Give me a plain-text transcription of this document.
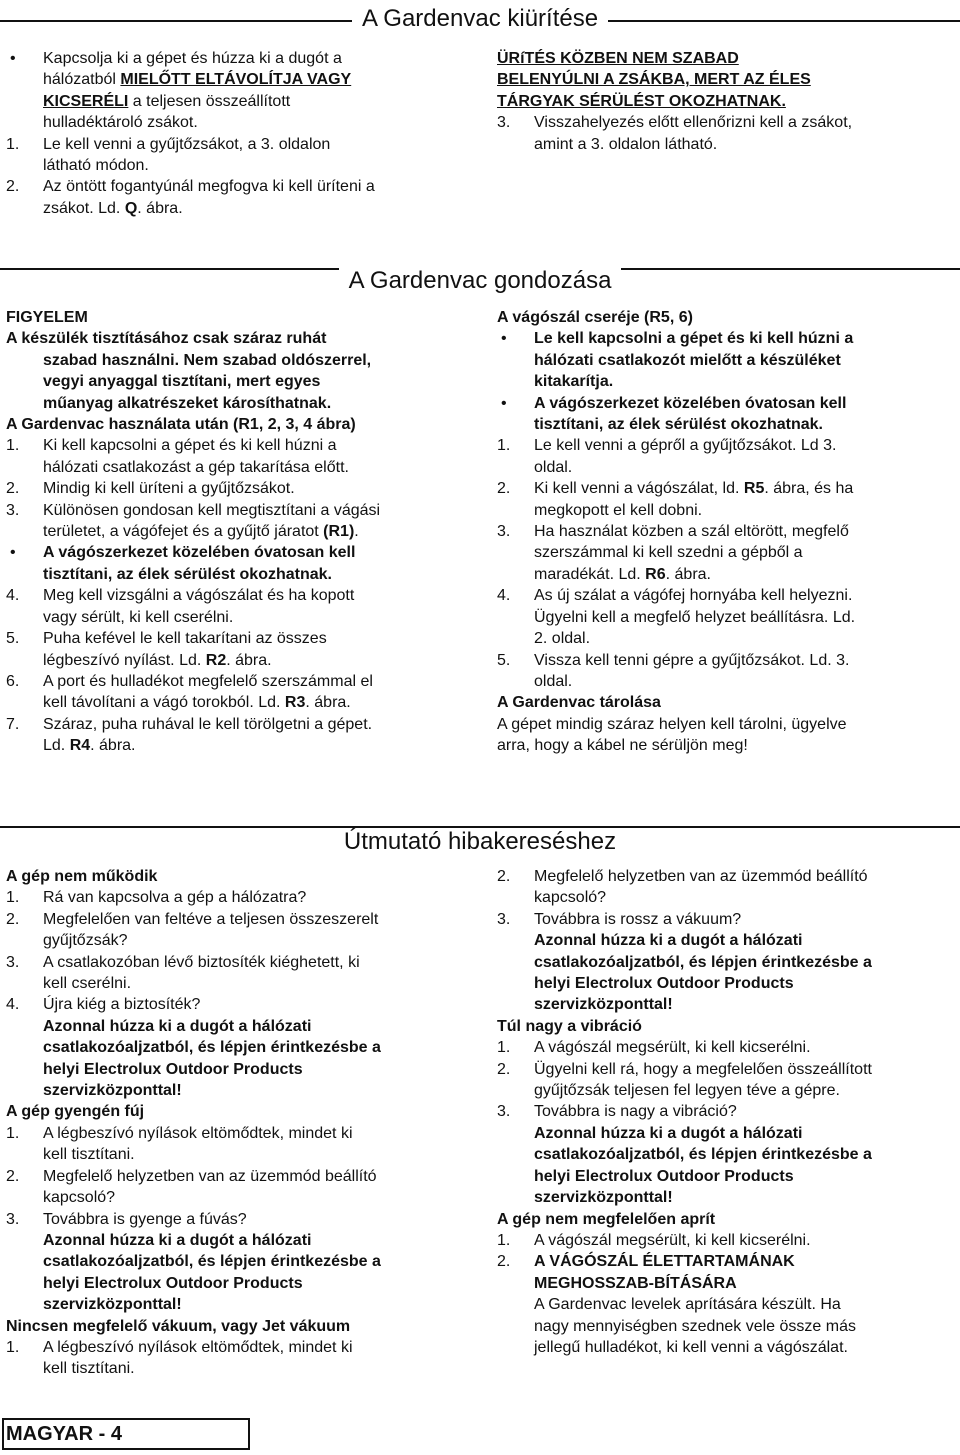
A Gardenvac kiürítése
• Kapcsolja ki a gépet és húzza ki a dugót a
hálózatból MIELŐTT ELTÁVOLÍTJA VAGY
KICSERÉLI a teljesen összeállított
hulladéktároló zsákot.
1. Le kell venni a gyűjtőzsákot, a 3. oldalon
látható módon.
2. Az öntött fogantyúnál megfogva ki kell üríteni a
zsákot. Ld. Q. ábra.
ÜRíTÉS KÖZBEN NEM SZABAD
BELENYÚLNI A ZSÁKBA, MERT AZ ÉLES
TÁRGYAK SÉRÜLÉST OKOZHATNAK.
3. Visszahelyezés előtt ellenőrizni kell a zsákot,
amint a 3. oldalon látható.
A Gardenvac gondozása
FIGYELEM
A készülék tisztításához csak száraz ruhát
szabad használni. Nem szabad oldószerrel,
vegyi anyaggal tisztítani, mert egyes
műanyag alkatrészeket károsíthatnak.
A Gardenvac használata után (R1, 2, 3, 4 ábra)
1. Ki kell kapcsolni a gépet és ki kell húzni a
hálózati csatlakozást a gép takarítása előtt.
2. Mindig ki kell üríteni a gyűjtőzsákot.
3. Különösen gondosan kell megtisztítani a vágási
területet, a vágófejet és a gyűjtő járatot (R1).
• A vágószerkezet közelében óvatosan kell
tisztítani, az élek sérülést okozhatnak.
4. Meg kell vizsgálni a vágószálat és ha kopott
vagy sérült, ki kell cserélni.
5. Puha kefével le kell takarítani az összes
légbeszívó nyílást. Ld. R2. ábra.
6. A port és hulladékot megfelelő szerszámmal el
kell távolítani a vágó torokból. Ld. R3. ábra.
7. Száraz, puha ruhával le kell törölgetni a gépet.
Ld. R4. ábra.
A vágószál cseréje (R5, 6)
• Le kell kapcsolni a gépet és ki kell húzni a
hálózati csatlakozót mielőtt a készüléket
kitakarítja.
• A vágószerkezet közelében óvatosan kell
tisztítani, az élek sérülést okozhatnak.
1. Le kell venni a gépről a gyűjtőzsákot. Ld 3.
oldal.
2. Ki kell venni a vágószálat, ld. R5. ábra, és ha
megkopott el kell dobni.
3. Ha használat közben a szál eltörött, megfelő
szerszámmal ki kell szedni a gépből a
maradékát. Ld. R6. ábra.
4. As új szálat a vágófej hornyába kell helyezni.
Ügyelni kell a megfelő helyzet beállításra. Ld.
2. oldal.
5. Vissza kell tenni gépre a gyűjtőzsákot. Ld. 3.
oldal.
A Gardenvac tárolása
A gépet mindig száraz helyen kell tárolni, ügyelve
arra, hogy a kábel ne sérüljön meg!
Útmutató hibakereséshez
A gép nem működik
1. Rá van kapcsolva a gép a hálózatra?
2. Megfelelően van feltéve a teljesen összeszerelt
gyűjtőzsák?
3. A csatlakozóban lévő biztosíték kiéghetett, ki
kell cserélni.
4. Újra kiég a biztosíték?
Azonnal húzza ki a dugót a hálózati
csatlakozóaljzatból, és lépjen érintkezésbe a
helyi Electrolux Outdoor Products
szervizközponttal!
A gép gyengén fúj
1. A légbeszívó nyílások eltömődtek, mindet ki
kell tisztítani.
2. Megfelelő helyzetben van az üzemmód beállító
kapcsoló?
3. Továbbra is gyenge a fúvás?
Azonnal húzza ki a dugót a hálózati
csatlakozóaljzatból, és lépjen érintkezésbe a
helyi Electrolux Outdoor Products
szervizközponttal!
Nincsen megfelelő vákuum, vagy Jet vákuum
1. A légbeszívó nyílások eltömődtek, mindet ki
kell tisztítani.
2. Megfelelő helyzetben van az üzemmód beállító
kapcsoló?
3. Továbbra is rossz a vákuum?
Azonnal húzza ki a dugót a hálózati
csatlakozóaljzatból, és lépjen érintkezésbe a
helyi Electrolux Outdoor Products
szervizközponttal!
Túl nagy a vibráció
1. A vágószál megsérült, ki kell kicserélni.
2. Ügyelni kell rá, hogy a megfelelően összeállított
gyűjtőzsák teljesen fel legyen téve a gépre.
3. Továbbra is nagy a vibráció?
Azonnal húzza ki a dugót a hálózati
csatlakozóaljzatból, és lépjen érintkezésbe a
helyi Electrolux Outdoor Products
szervizközponttal!
A gép nem megfelelően aprít
1. A vágószál megsérült, ki kell kicserélni.
2. A VÁGÓSZÁL ÉLETTARTAMÁNAK
MEGHOSSZAB-BÍTÁSÁRA
A Gardenvac levelek aprítására készült. Ha
nagy mennyiségben szednek vele össze más
jellegű hulladékot, ki kell venni a vágószálat.
MAGYAR - 4
